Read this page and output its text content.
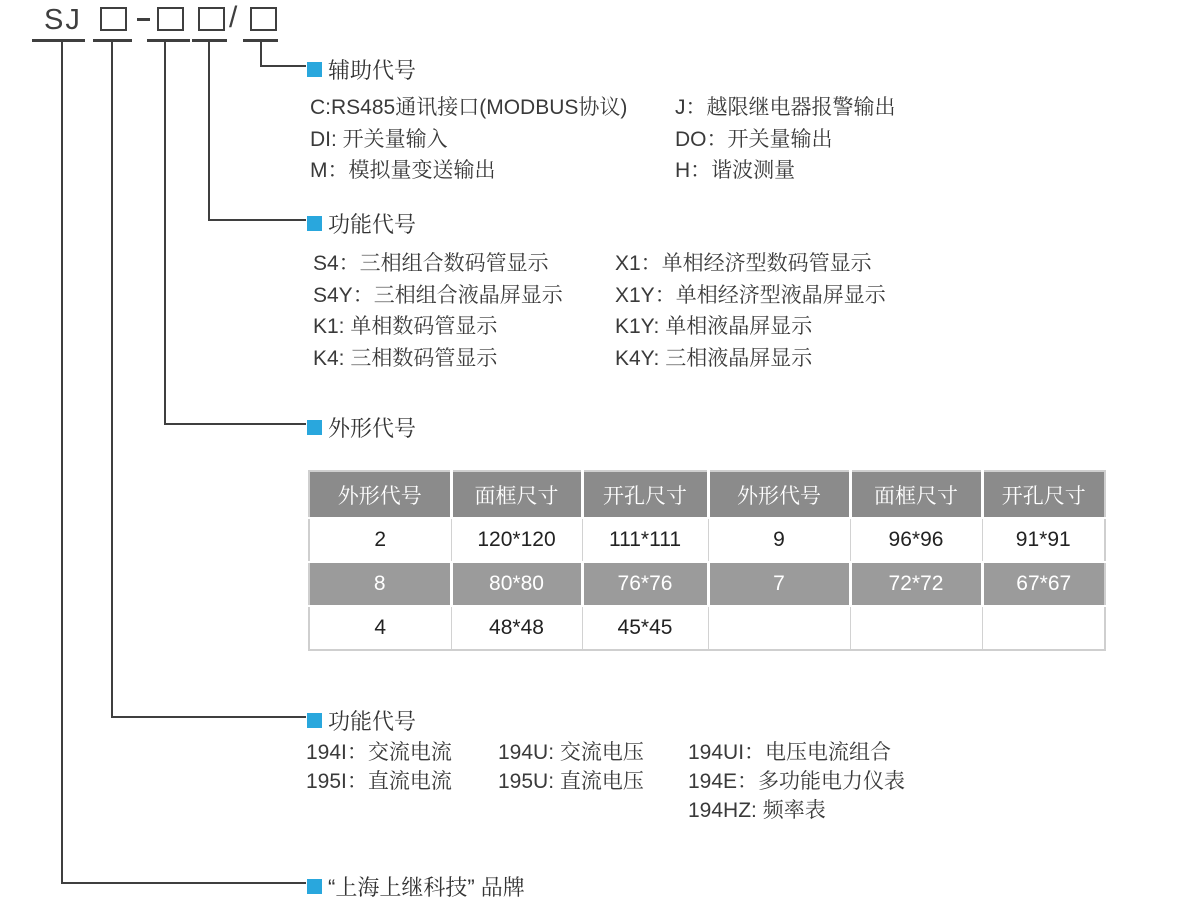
SJ	/
辅助代号
C:RS485通讯接口(MODBUS协议)	J：越限继电器报警输出
DI: 开关量输入	DO：开关量输出
M：模拟量变送输出	H：谐波测量
功能代号
S4：三相组合数码管显示	X1：单相经济型数码管显示
S4Y：三相组合液晶屏显示	X1Y：单相经济型液晶屏显示
K1: 单相数码管显示	K1Y: 单相液晶屏显示
K4: 三相数码管显示	K4Y: 三相液晶屏显示
外形代号
外形代号	面框尺寸	开孔尺寸	外形代号	面框尺寸	开孔尺寸
2	120*120	111*111	9	96*96	91*91
8	80*80	76*76	7	72*72	67*67
4	48*48	45*45			
功能代号
194I：交流电流	194U: 交流电压	194UI：电压电流组合
195I：直流电流	195U: 直流电压	194E：多功能电力仪表
194HZ: 频率表
“上海上继科技” 品牌
